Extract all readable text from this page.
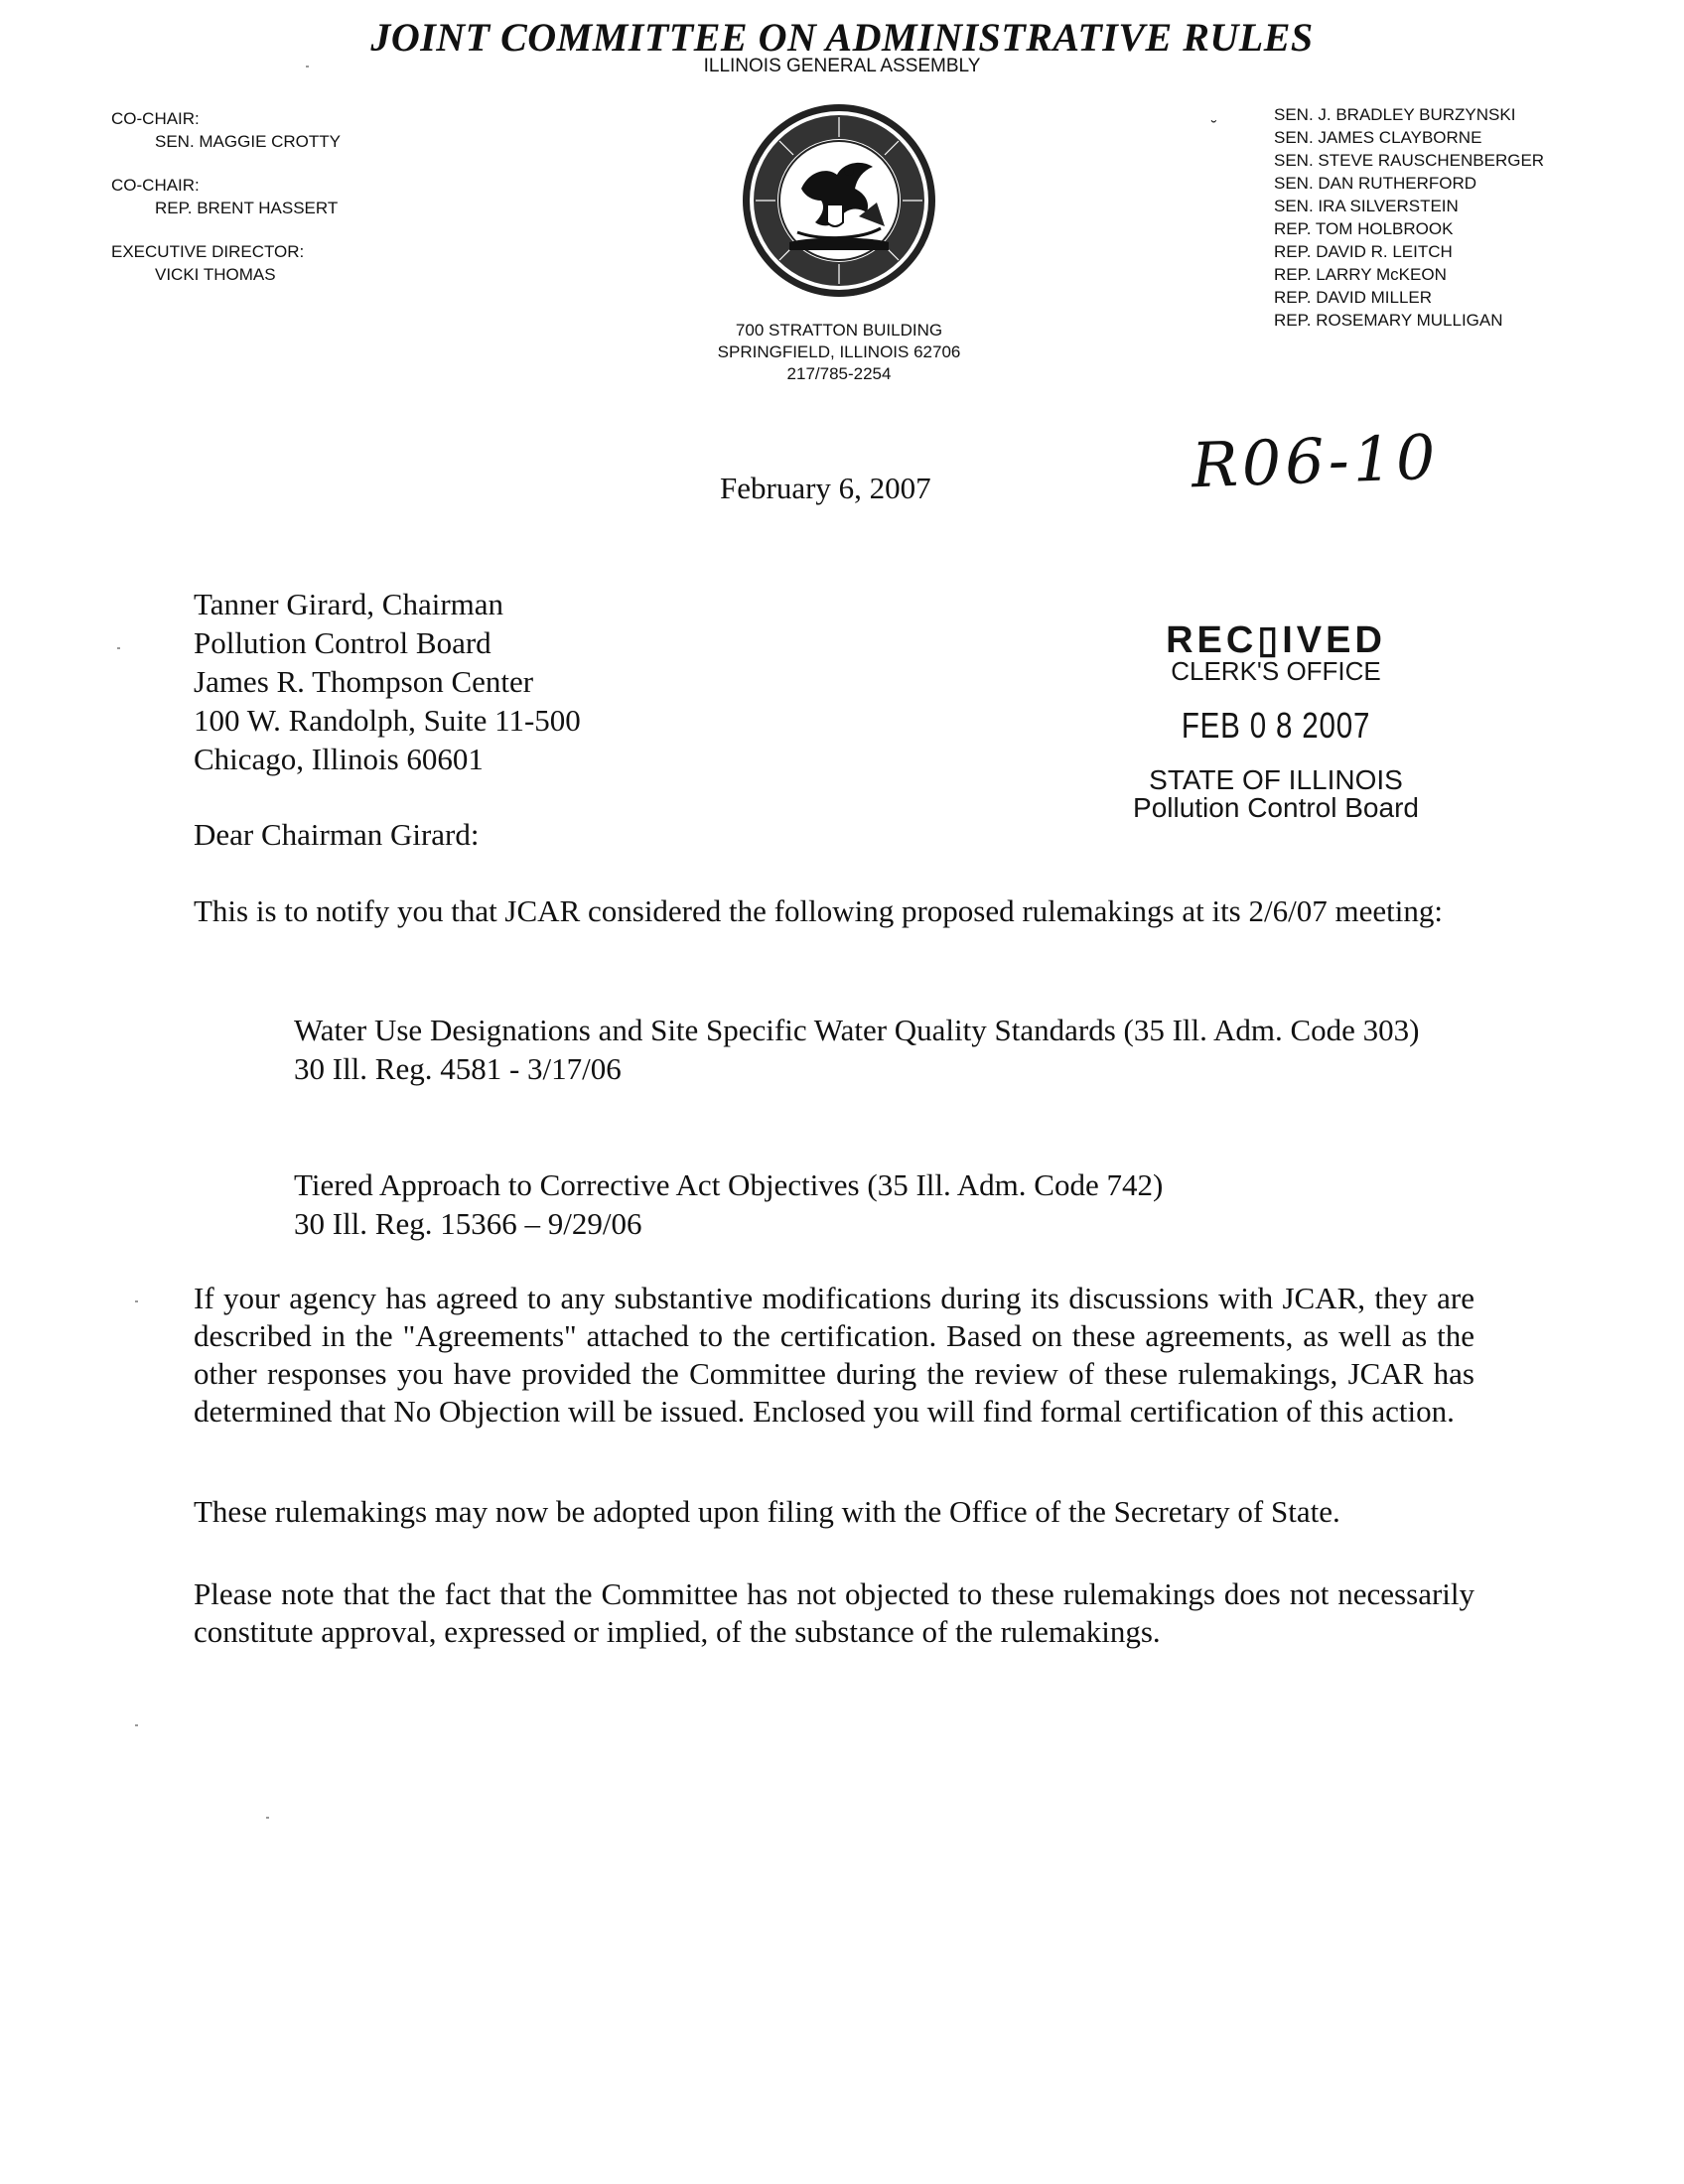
JOINT COMMITTEE ON ADMINISTRATIVE RULES
ILLINOIS GENERAL ASSEMBLY
CO-CHAIR:
SEN. MAGGIE CROTTY
CO-CHAIR:
REP. BRENT HASSERT
EXECUTIVE DIRECTOR:
VICKI THOMAS
700 STRATTON BUILDING
SPRINGFIELD, ILLINOIS 62706
217/785-2254
˘
SEN. J. BRADLEY BURZYNSKI
SEN. JAMES CLAYBORNE
SEN. STEVE RAUSCHENBERGER
SEN. DAN RUTHERFORD
SEN. IRA SILVERSTEIN
REP. TOM HOLBROOK
REP. DAVID R. LEITCH
REP. LARRY McKEON
REP. DAVID MILLER
REP. ROSEMARY MULLIGAN
R06-10
February 6, 2007
Tanner Girard, Chairman
Pollution Control Board
James R. Thompson Center
100 W. Randolph, Suite 11-500
Chicago, Illinois 60601
REC▯IVED
CLERK'S OFFICE
FEB 0 8 2007
STATE OF ILLINOIS
Pollution Control Board
Dear Chairman Girard:
This is to notify you that JCAR considered the following proposed rulemakings at its 2/6/07 meeting:
Water Use Designations and Site Specific Water Quality Standards (35 Ill. Adm. Code 303)
30 Ill. Reg. 4581 - 3/17/06
Tiered Approach to Corrective Act Objectives (35 Ill. Adm. Code 742)
30 Ill. Reg. 15366 – 9/29/06
If your agency has agreed to any substantive modifications during its discussions with JCAR, they are described in the "Agreements" attached to the certification. Based on these agreements, as well as the other responses you have provided the Committee during the review of these rulemakings, JCAR has determined that No Objection will be issued. Enclosed you will find formal certification of this action.
These rulemakings may now be adopted upon filing with the Office of the Secretary of State.
Please note that the fact that the Committee has not objected to these rulemakings does not necessarily constitute approval, expressed or implied, of the substance of the rulemakings.
